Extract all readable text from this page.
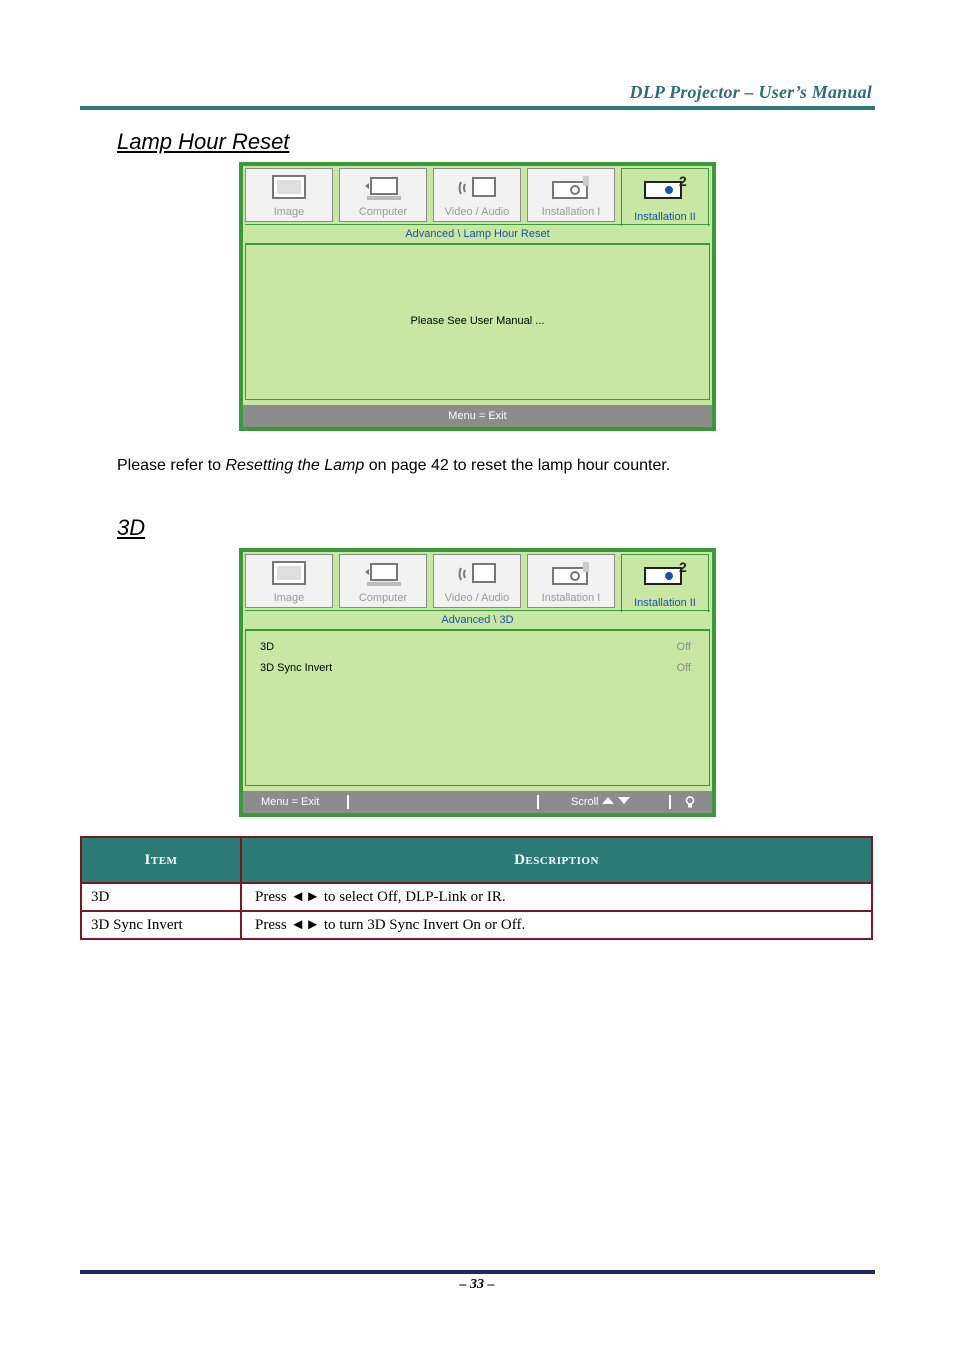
DLP Projector – User’s Manual
Lamp Hour Reset
Image	Computer	Video / Audio	Installation I
2
Installation II
Advanced \ Lamp Hour Reset
Please See User Manual ...
Menu = Exit
Please refer to Resetting the Lamp on page 42 to reset the lamp hour counter.
3D
Image	Computer	Video / Audio	Installation I
2
Installation II
Advanced \ 3D
3D	Off
3D Sync Invert	Off
Menu = Exit	Scroll
Item	Description
3D	Press ◄► to select Off, DLP-Link or IR.
3D Sync Invert	Press ◄► to turn 3D Sync Invert On or Off.
– 33 –
